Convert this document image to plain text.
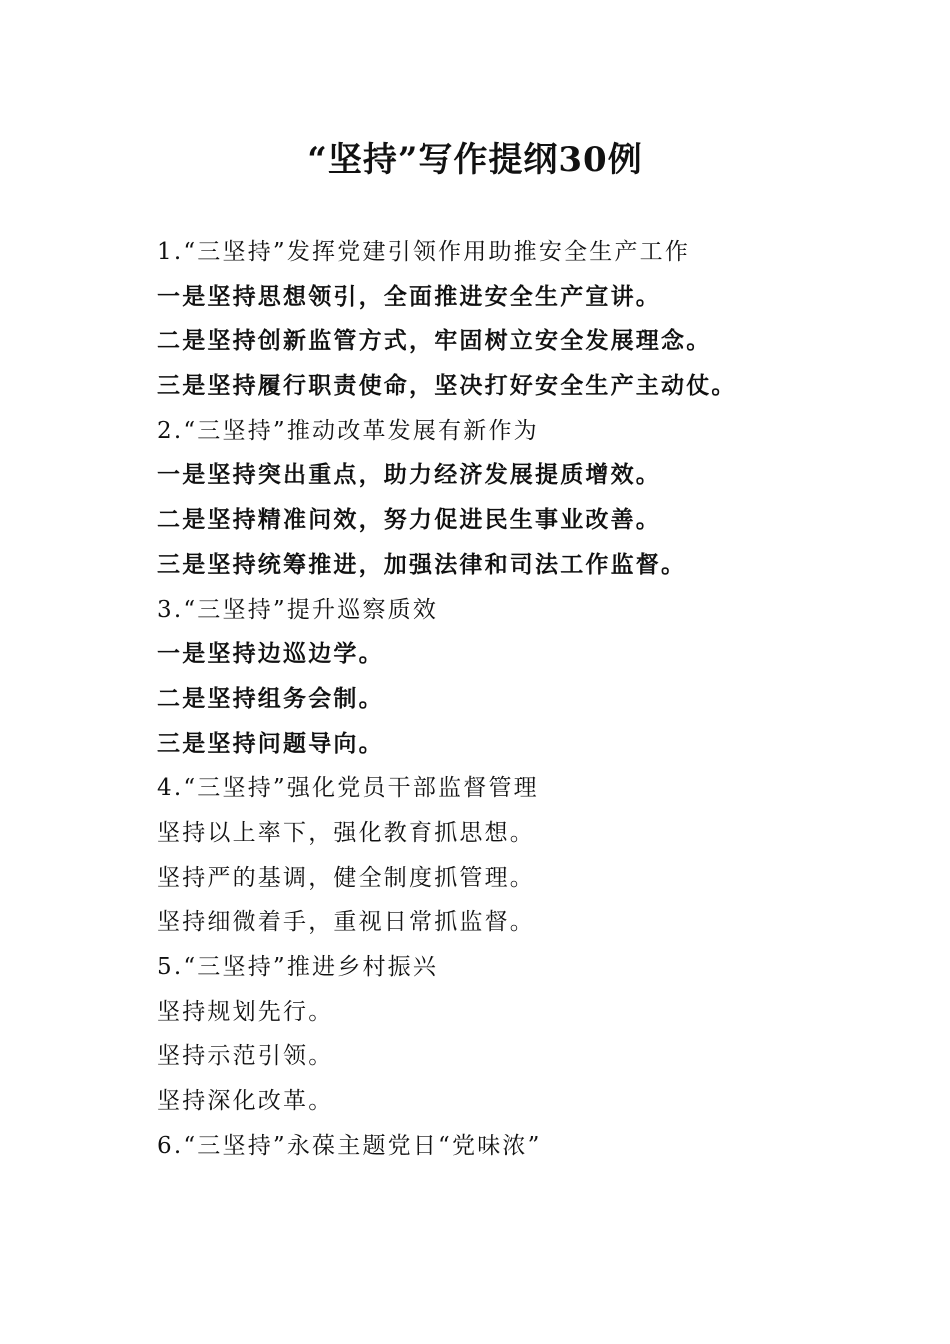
“坚持”写作提纲30例
1.“三坚持”发挥党建引领作用助推安全生产工作
一是坚持思想领引，全面推进安全生产宣讲。
二是坚持创新监管方式，牢固树立安全发展理念。
三是坚持履行职责使命，坚决打好安全生产主动仗。
2.“三坚持”推动改革发展有新作为
一是坚持突出重点，助力经济发展提质增效。
二是坚持精准问效，努力促进民生事业改善。
三是坚持统筹推进，加强法律和司法工作监督。
3.“三坚持”提升巡察质效
一是坚持边巡边学。
二是坚持组务会制。
三是坚持问题导向。
4.“三坚持”强化党员干部监督管理
坚持以上率下，强化教育抓思想。
坚持严的基调，健全制度抓管理。
坚持细微着手，重视日常抓监督。
5.“三坚持”推进乡村振兴
坚持规划先行。
坚持示范引领。
坚持深化改革。
6.“三坚持”永葆主题党日“党味浓”
